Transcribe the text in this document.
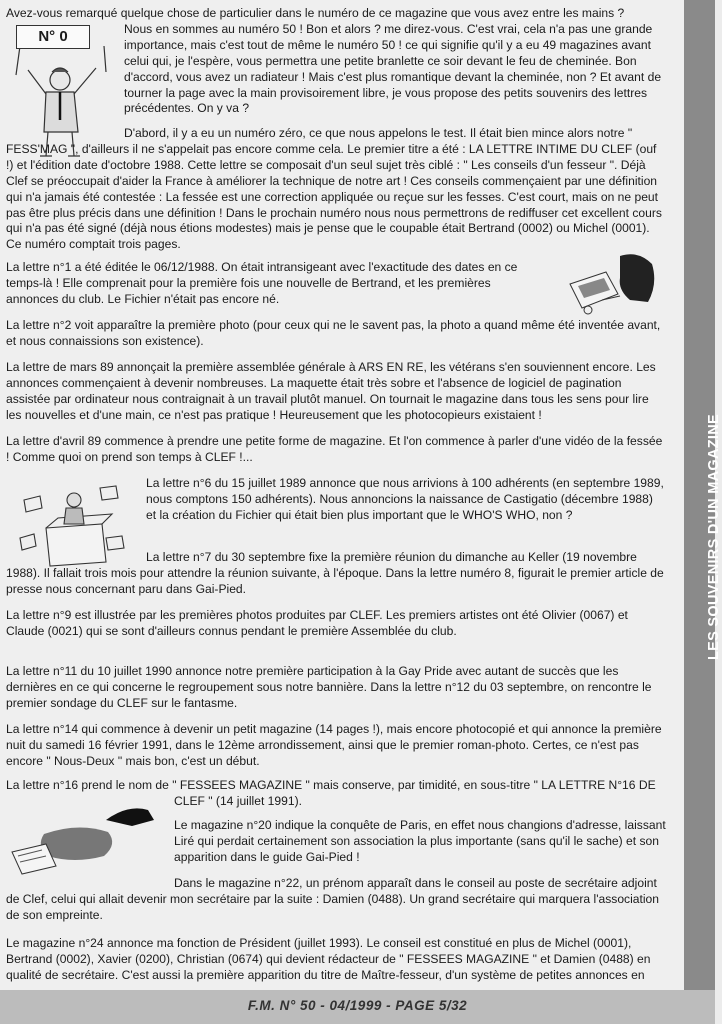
N° 0
LES SOUVENIRS D'UN MAGAZINE
F.M. N° 50 - 04/1999 - PAGE 5/32
Avez-vous remarqué quelque chose de particulier dans le numéro de ce magazine que vous avez entre les mains ?
Nous en sommes au numéro 50 ! Bon et alors ? me direz-vous. C'est vrai, cela n'a pas une grande importance, mais c'est tout de même le numéro 50 ! ce qui signifie qu'il y a eu 49 magazines avant celui qui, je l'espère, vous permettra une petite branlette ce soir devant le feu de cheminée. Bon d'accord, vous avez un radiateur ! Mais c'est plus romantique devant la cheminée, non ? Et avant de tourner la page avec la main provisoirement libre, je vous propose des petits souvenirs des lettres précédentes. On y va ?
D'abord, il y a eu un numéro zéro, ce que nous appelons le test. Il était bien mince alors notre " FESS'MAG ", d'ailleurs il ne s'appelait pas encore comme cela. Le premier titre a été : LA LETTRE INTIME DU CLEF (ouf !) et l'édition date d'octobre 1988. Cette lettre se composait d'un seul sujet très ciblé : " Les conseils d'un fesseur ". Déjà Clef se préoccupait d'aider la France à améliorer la technique de notre art ! Ces conseils commençaient par une définition qui n'a jamais été contestée : La fessée est une correction appliquée ou reçue sur les fesses. C'est court, mais on ne peut pas être plus précis dans une définition ! Dans le prochain numéro nous nous permettrons de rediffuser cet excellent cours qui n'a pas été signé (déjà nous étions modestes) mais je pense que le coupable était Bertrand (0002) ou Michel (0001). Ce numéro comptait trois pages.
La lettre n°1 a été éditée le 06/12/1988. On était intransigeant avec l'exactitude des dates en ce temps-là ! Elle comprenait pour la première fois une nouvelle de Bertrand, et les premières annonces du club. Le Fichier n'était pas encore né.
La lettre n°2 voit apparaître la première photo (pour ceux qui ne le savent pas, la photo a quand même été inventée avant, et nous connaissions son existence).
La lettre de mars 89 annonçait la première assemblée générale à ARS EN RE, les vétérans s'en souviennent encore. Les annonces commençaient à devenir nombreuses. La maquette était très sobre et l'absence de logiciel de pagination assistée par ordinateur nous contraignait à un travail plutôt manuel. On tournait le magazine dans tous les sens pour lire les nouvelles et d'une main, ce n'est pas pratique ! Heureusement que les photocopieurs existaient !
La lettre d'avril 89 commence à prendre une petite forme de magazine. Et l'on commence à parler d'une vidéo de la fessée ! Comme quoi on prend son temps à CLEF !...
La lettre n°6 du 15 juillet 1989 annonce que nous arrivions à 100 adhérents (en septembre 1989, nous comptons 150 adhérents). Nous annoncions la naissance de Castigatio (décembre 1988) et la création du Fichier qui était bien plus important que le WHO'S WHO, non ?
La lettre n°7 du 30 septembre fixe la première réunion du dimanche au Keller (19 novembre 1988). Il fallait trois mois pour attendre la réunion suivante, à l'époque. Dans la lettre numéro 8, figurait le premier article de presse nous concernant paru dans Gai-Pied.
La lettre n°9 est illustrée par les premières photos produites par CLEF. Les premiers artistes ont été Olivier (0067) et Claude (0021) qui se sont d'ailleurs connus pendant le première Assemblée du club.
La lettre n°11 du 10 juillet 1990 annonce notre première participation à la Gay Pride avec autant de succès que les dernières en ce qui concerne le regroupement sous notre bannière. Dans la lettre n°12 du 03 septembre, on rencontre le premier sondage du CLEF sur le fantasme.
La lettre n°14 qui commence à devenir un petit magazine (14 pages !), mais encore photocopié et qui annonce la première nuit du samedi 16 février 1991, dans le 12ème arrondissement, ainsi que le premier roman-photo. Certes, ce n'est pas encore " Nous-Deux " mais bon, c'est un début.
La lettre n°16 prend le nom de " FESSEES MAGAZINE " mais conserve, par timidité, en sous-titre " LA LETTRE N°16 DE CLEF " (14 juillet 1991).
Le magazine n°20 indique la conquête de Paris, en effet nous changions d'adresse, laissant Liré qui perdait certainement son association la plus importante (sans qu'il le sache) et son apparition dans le guide Gai-Pied !
Dans le magazine n°22, un prénom apparaît dans le conseil au poste de secrétaire adjoint de Clef, celui qui allait devenir mon secrétaire par la suite : Damien (0488). Un grand secrétaire qui marquera l'association de son empreinte.
Le magazine n°24 annonce ma fonction de Président (juillet 1993). Le conseil est constitué en plus de Michel (0001), Bertrand (0002), Xavier (0200), Christian (0674) qui devient rédacteur de " FESSEES MAGAZINE " et Damien (0488) en qualité de secrétaire. C'est aussi la première apparition du titre de Maître-fesseur, d'un système de petites annonces en
